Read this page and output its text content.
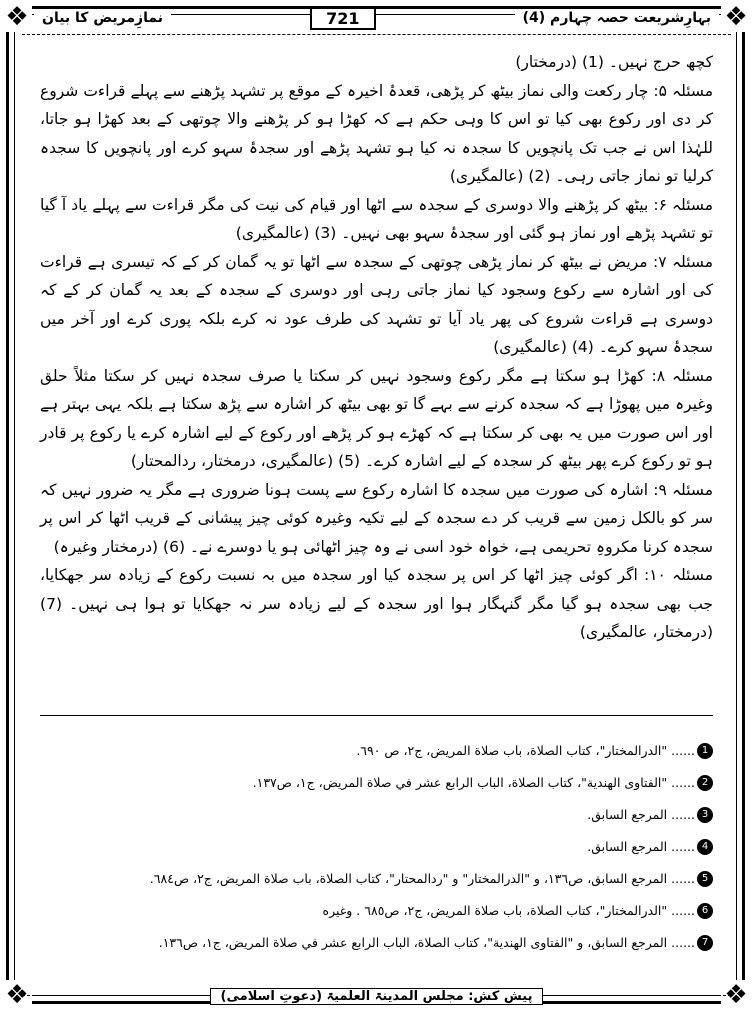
❖	❖
❖	❖
بہارِشریعت حصہ چہارم (4)
721
نمازِمریض کا بیان

کچھ حرج نہیں۔ (1) (درمختار)

مسئلہ ۵: چار رکعت والی نماز بیٹھ کر پڑھی، قعدۂ اخیرہ کے موقع پر تشہد پڑھنے سے پہلے قراءت شروع کر دی اور رکوع بھی کیا تو اس کا وہی حکم ہے کہ کھڑا ہو کر پڑھنے والا چوتھی کے بعد کھڑا ہو جاتا، للہٰذا اس نے جب تک پانچویں کا سجدہ نہ کیا ہو تشہد پڑھے اور سجدۂ سہو کرے اور پانچویں کا سجدہ کرلیا تو نماز جاتی رہی۔ (2) (عالمگیری)

مسئلہ ۶: بیٹھ کر پڑھنے والا دوسری کے سجدہ سے اٹھا اور قیام کی نیت کی مگر قراءت سے پہلے یاد آ گیا تو تشہد پڑھے اور نماز ہو گئی اور سجدۂ سہو بھی نہیں۔ (3) (عالمگیری)

مسئلہ ۷: مریض نے بیٹھ کر نماز پڑھی چوتھی کے سجدہ سے اٹھا تو یہ گمان کر کے کہ تیسری ہے قراءت کی اور اشارہ سے رکوع وسجود کیا نماز جاتی رہی اور دوسری کے سجدہ کے بعد یہ گمان کر کے کہ دوسری ہے قراءت شروع کی پھر یاد آیا تو تشہد کی طرف عود نہ کرے بلکہ پوری کرے اور آخر میں سجدۂ سہو کرے۔ (4) (عالمگیری)

مسئلہ ۸: کھڑا ہو سکتا ہے مگر رکوع وسجود نہیں کر سکتا یا صرف سجدہ نہیں کر سکتا مثلاً حلق وغیرہ میں پھوڑا ہے کہ سجدہ کرنے سے بہے گا تو بھی بیٹھ کر اشارہ سے پڑھ سکتا ہے بلکہ یہی بہتر ہے اور اس صورت میں یہ بھی کر سکتا ہے کہ کھڑے ہو کر پڑھے اور رکوع کے لیے اشارہ کرے یا رکوع پر قادر ہو تو رکوع کرے پھر بیٹھ کر سجدہ کے لیے اشارہ کرے۔ (5) (عالمگیری، درمختار، ردالمحتار)

مسئلہ ۹: اشارہ کی صورت میں سجدہ کا اشارہ رکوع سے پست ہونا ضروری ہے مگر یہ ضرور نہیں کہ سر کو بالکل زمین سے قریب کر دے سجدہ کے لیے تکیہ وغیرہ کوئی چیز پیشانی کے قریب اٹھا کر اس پر سجدہ کرنا مکروہِ تحریمی ہے، خواہ خود اسی نے وہ چیز اٹھائی ہو یا دوسرے نے۔ (6) (درمختار وغیرہ)

مسئلہ ۱۰: اگر کوئی چیز اٹھا کر اس پر سجدہ کیا اور سجدہ میں بہ نسبت رکوع کے زیادہ سر جھکایا، جب بھی سجدہ ہو گیا مگر گنہگار ہوا اور سجدہ کے لیے زیادہ سر نہ جھکایا تو ہوا ہی نہیں۔ (7) (درمختار، عالمگیری)

1
......
"الدرالمختار"، كتاب الصلاة، باب صلاة المريض، ج٢، ص ٦٩٠.
2
......
"الفتاوى الهندية"، كتاب الصلاة، الباب الرابع عشر في صلاة المريض، ج١، ص١٣٧.
3
......
المرجع السابق.
4
......
المرجع السابق.
5
......
المرجع السابق، ص١٣٦، و "الدرالمختار" و "ردالمحتار"، كتاب الصلاة، باب صلاة المريض، ج٢، ص٦٨٤.
6
......
"الدرالمختار"، كتاب الصلاة، باب صلاة المريض، ج٢، ص٦٨٥ . وغيره
7
......
المرجع السابق، و "الفتاوى الهندية"، كتاب الصلاة، الباب الرابع عشر في صلاة المريض، ج١، ص١٣٦.
پیش کش: مجلس المدینۃ العلمیۃ (دعوتِ اسلامی)
